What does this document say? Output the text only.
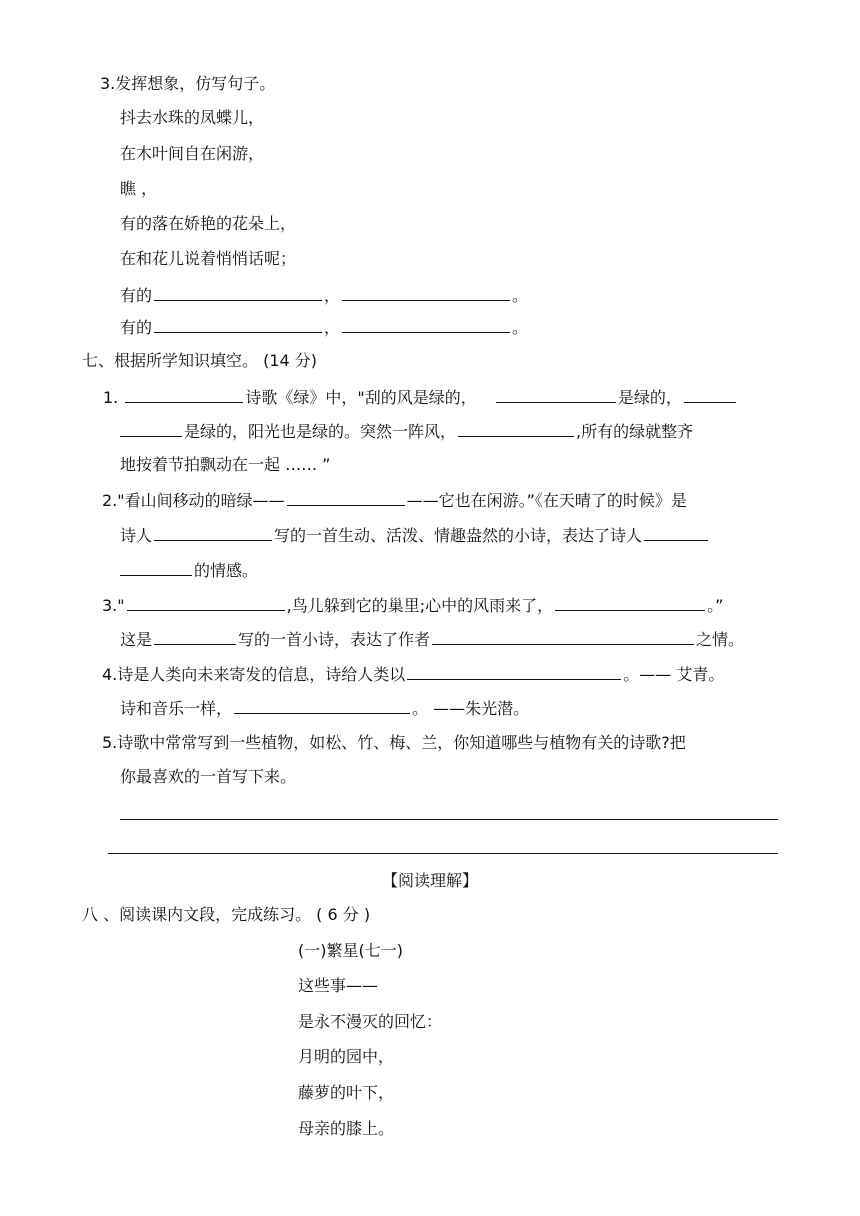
3.发挥想象，仿写句子。
抖去水珠的凤蝶儿，
在木叶间自在闲游，
瞧 ，
有的落在娇艳的花朵上，
在和花儿说着悄悄话呢；
有的	，	。
有的	，	。
七、根据所学知识填空。 (14 分)
1.	诗歌《绿》中，"刮的风是绿的，	是绿的，
是绿的，阳光也是绿的。突然一阵风，	,所有的绿就整齐
地按着节拍飘动在一起 …… ”
2."看山间移动的暗绿——	——它也在闲游。”《在天晴了的时候》是
诗人	写的一首生动、活泼、情趣盎然的小诗，表达了诗人
的情感。
3."	,鸟儿躲到它的巢里;心中的风雨来了，	。”
这是	写的一首小诗，表达了作者	之情。
4.诗是人类向未来寄发的信息，诗给人类以	。—— 艾青。
诗和音乐一样，	。 ——朱光潜。
5.诗歌中常常写到一些植物，如松、竹、梅、兰，你知道哪些与植物有关的诗歌?把
你最喜欢的一首写下来。
【阅读理解】
八 、阅读课内文段，完成练习。 ( 6 分 )
(一)繁星(七一)
这些事——
是永不漫灭的回忆：
月明的园中，
藤萝的叶下，
母亲的膝上。
